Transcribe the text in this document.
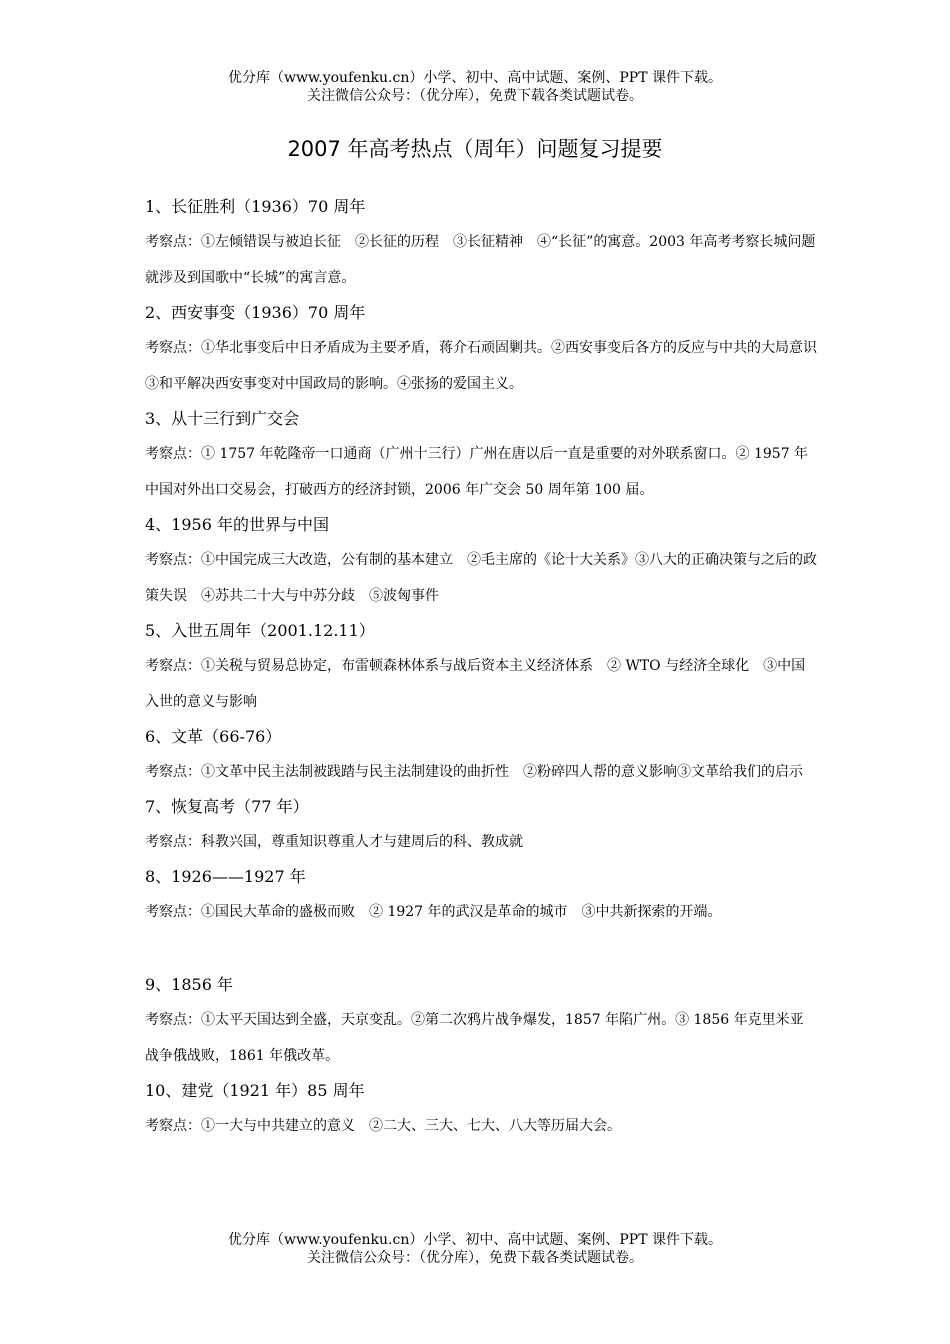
优分库（www.youfenku.cn）小学、初中、高中试题、案例、PPT 课件下载。
关注微信公众号：（优分库），免费下载各类试题试卷。
2007 年高考热点（周年）问题复习提要
1、长征胜利（1936）70 周年
考察点：①左倾错误与被迫长征　②长征的历程　③长征精神　④“长征”的寓意。2003 年高考考察长城问题就涉及到国歌中“长城”的寓言意。
2、西安事变（1936）70 周年
考察点：①华北事变后中日矛盾成为主要矛盾，蒋介石顽固剿共。②西安事变后各方的反应与中共的大局意识　③和平解决西安事变对中国政局的影响。④张扬的爱国主义。
3、从十三行到广交会
考察点：① 1757 年乾隆帝一口通商（广州十三行）广州在唐以后一直是重要的对外联系窗口。② 1957 年中国对外出口交易会，打破西方的经济封锁，2006 年广交会 50 周年第 100 届。
4、1956 年的世界与中国
考察点：①中国完成三大改造，公有制的基本建立　②毛主席的《论十大关系》③八大的正确决策与之后的政策失误　④苏共二十大与中苏分歧　⑤波匈事件
5、入世五周年（2001.12.11）
考察点：①关税与贸易总协定，布雷顿森林体系与战后资本主义经济体系　② WTO 与经济全球化　③中国入世的意义与影响
6、文革（66-76）
考察点：①文革中民主法制被践踏与民主法制建设的曲折性　②粉碎四人帮的意义影响③文革给我们的启示
7、恢复高考（77 年）
考察点：科教兴国，尊重知识尊重人才与建周后的科、教成就
8、1926——1927 年
考察点：①国民大革命的盛极而败　② 1927 年的武汉是革命的城市　③中共新探索的开端。
9、1856 年
考察点：①太平天国达到全盛，天京变乱。②第二次鸦片战争爆发，1857 年陷广州。③ 1856 年克里米亚战争俄战败，1861 年俄改革。
10、建党（1921 年）85 周年
考察点：①一大与中共建立的意义　②二大、三大、七大、八大等历届大会。
优分库（www.youfenku.cn）小学、初中、高中试题、案例、PPT 课件下载。
关注微信公众号：（优分库），免费下载各类试题试卷。
